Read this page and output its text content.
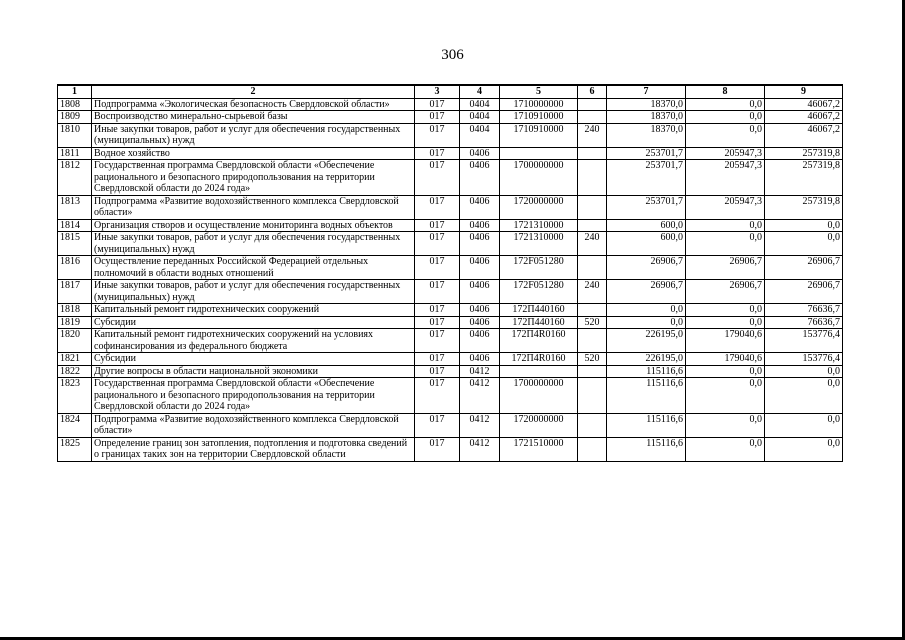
306
1	2	3	4	5	6	7	8	9
1808	Подпрограмма «Экологическая безопасность Свердловской области»	017	0404	1710000000		18370,0	0,0	46067,2
1809	Воспроизводство минерально-сырьевой базы	017	0404	1710910000		18370,0	0,0	46067,2
1810	Иные закупки товаров, работ и услуг для обеспечения государственных (муниципальных) нужд	017	0404	1710910000	240	18370,0	0,0	46067,2
1811	Водное хозяйство	017	0406			253701,7	205947,3	257319,8
1812	Государственная программа Свердловской области «Обеспечение рационального и безопасного природопользования на территории Свердловской области до 2024 года»	017	0406	1700000000		253701,7	205947,3	257319,8
1813	Подпрограмма «Развитие водохозяйственного комплекса Свердловской области»	017	0406	1720000000		253701,7	205947,3	257319,8
1814	Организация створов и осуществление мониторинга водных объектов	017	0406	1721310000		600,0	0,0	0,0
1815	Иные закупки товаров, работ и услуг для обеспечения государственных (муниципальных) нужд	017	0406	1721310000	240	600,0	0,0	0,0
1816	Осуществление переданных Российской Федерацией отдельных полномочий в области водных отношений	017	0406	172F051280		26906,7	26906,7	26906,7
1817	Иные закупки товаров, работ и услуг для обеспечения государственных (муниципальных) нужд	017	0406	172F051280	240	26906,7	26906,7	26906,7
1818	Капитальный ремонт гидротехнических сооружений	017	0406	172П440160		0,0	0,0	76636,7
1819	Субсидии	017	0406	172П440160	520	0,0	0,0	76636,7
1820	Капитальный ремонт гидротехнических сооружений на условиях софинансирования из федерального бюджета	017	0406	172П4R0160		226195,0	179040,6	153776,4
1821	Субсидии	017	0406	172П4R0160	520	226195,0	179040,6	153776,4
1822	Другие вопросы в области национальной экономики	017	0412			115116,6	0,0	0,0
1823	Государственная программа Свердловской области «Обеспечение рационального и безопасного природопользования на территории Свердловской области до 2024 года»	017	0412	1700000000		115116,6	0,0	0,0
1824	Подпрограмма «Развитие водохозяйственного комплекса Свердловской области»	017	0412	1720000000		115116,6	0,0	0,0
1825	Определение границ зон затопления, подтопления и подготовка сведений о границах таких зон на территории Свердловской области	017	0412	1721510000		115116,6	0,0	0,0
